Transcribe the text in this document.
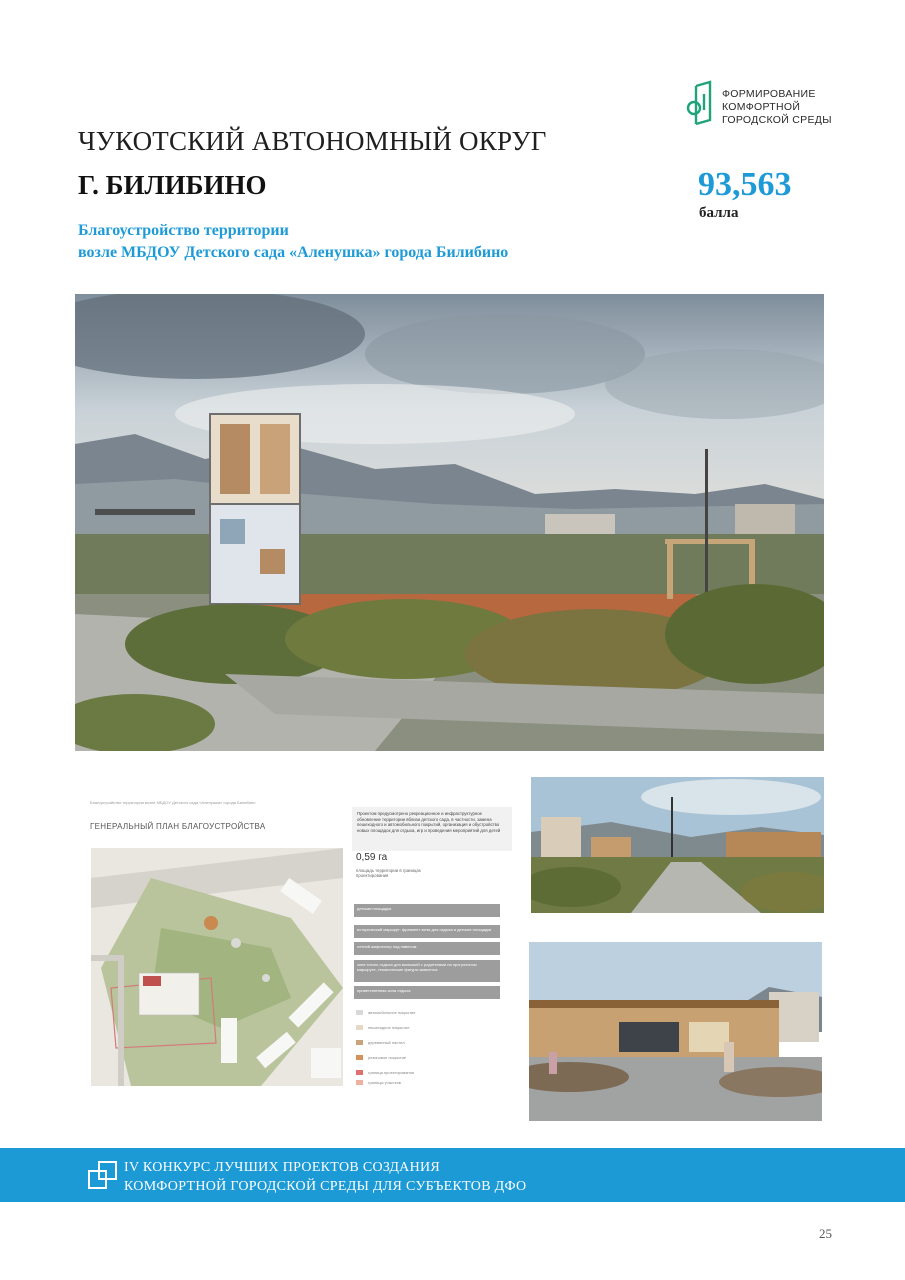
ФОРМИРОВАНИЕ
КОМФОРТНОЙ
ГОРОДСКОЙ СРЕДЫ
ЧУКОТСКИЙ АВТОНОМНЫЙ ОКРУГ
Г. БИЛИБИНО	93,563
балла
Благоустройство территории
возле МБДОУ Детского сада «Аленушка» города Билибино
Благоустройство территории возле МБДОУ Детского сада «Аленушка» города Билибино
ГЕНЕРАЛЬНЫЙ ПЛАН БЛАГОУСТРОЙСТВА
Проектом предусмотрено рекреационное и инфраструктурное обновление территории вблизи детского сада, в частности, замена пешеходного и автомобильного покрытий, организация и обустройство новых площадок для отдыха, игр и проведения мероприятий для детей
0,59 га
площадь территории в границах проектирования
детская площадка
исторический маршрут: фрагмент зоны для отдыха и детские площадки
летний амфитеатр под навесом
зона тихого отдыха для малышей с родителями на прогулочном маршруте, тематические фигуры животных
приветственная зона отдыха
автомобильное покрытие
пешеходное покрытие
деревянный настил
резиновое покрытие
граница проектирования
границы участков
IV КОНКУРС ЛУЧШИХ ПРОЕКТОВ СОЗДАНИЯ
КОМФОРТНОЙ ГОРОДСКОЙ СРЕДЫ ДЛЯ СУБЪЕКТОВ ДФО
25
